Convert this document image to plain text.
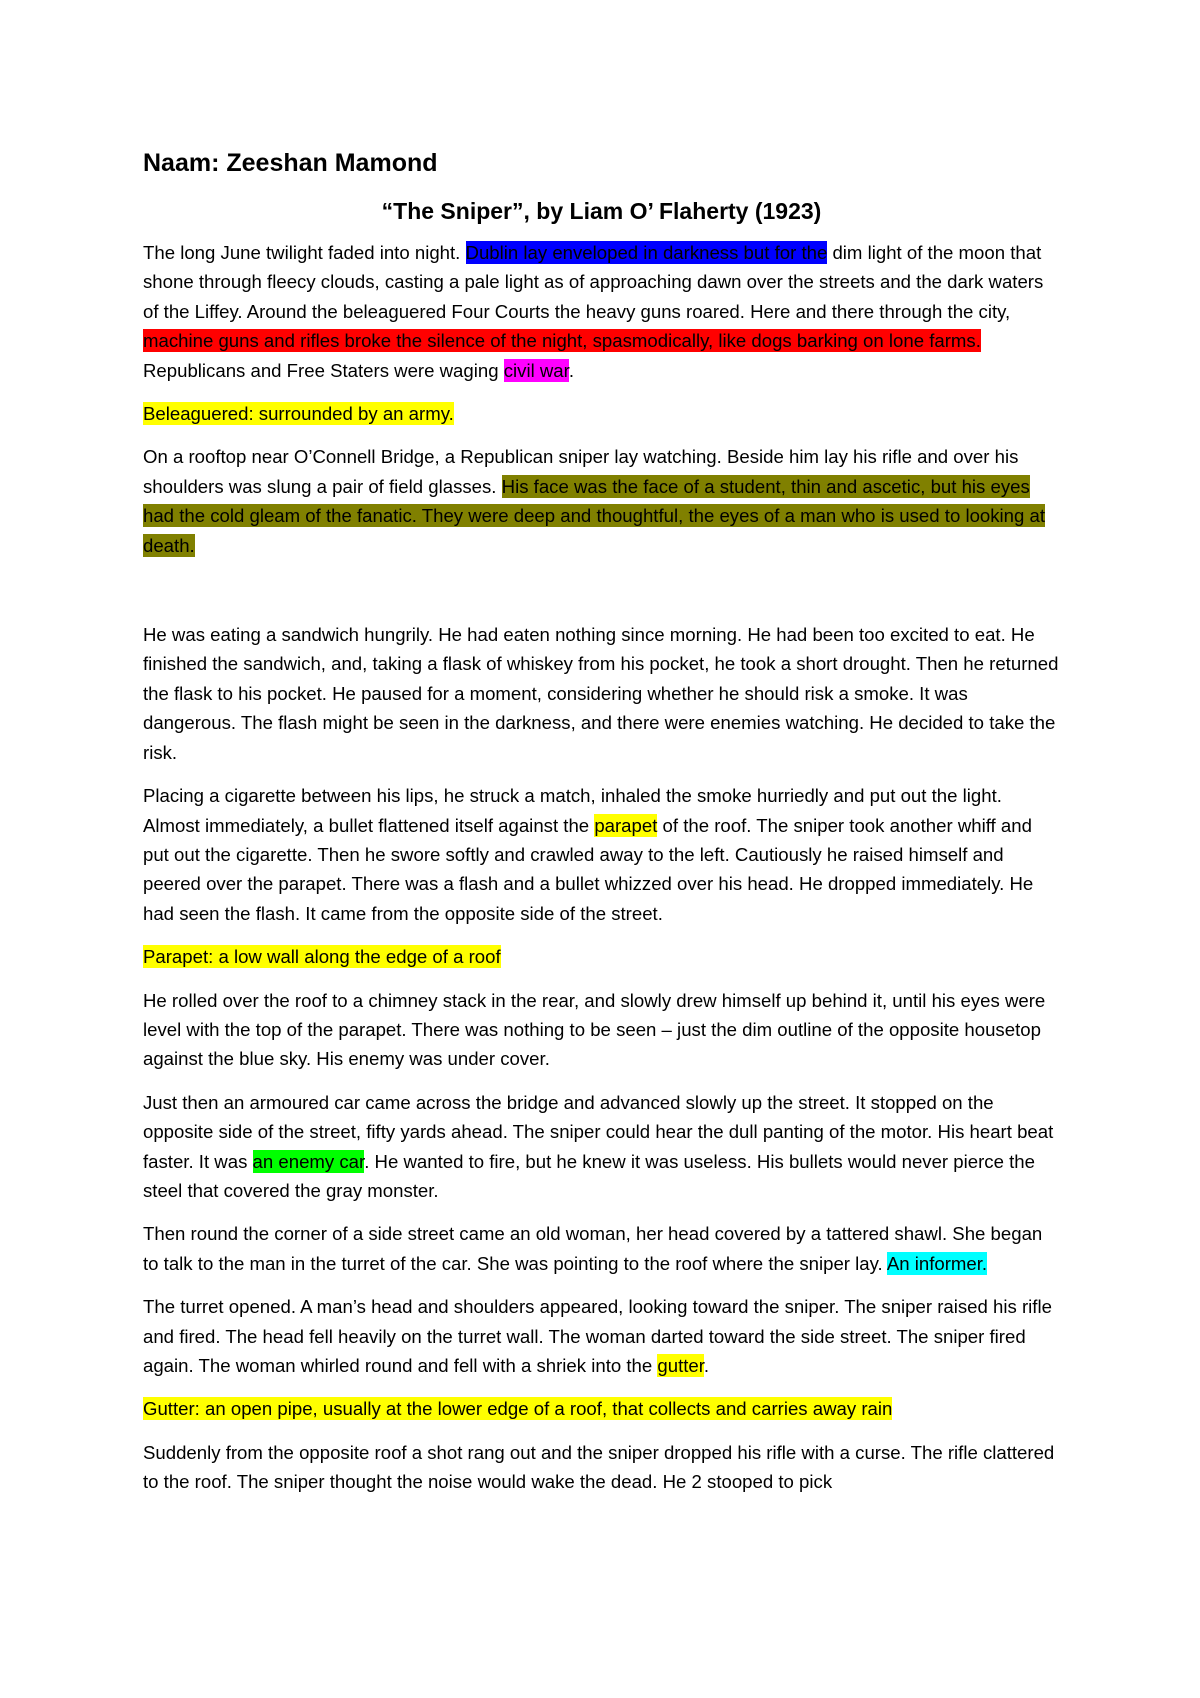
Naam: Zeeshan Mamond
“The Sniper”, by Liam O’ Flaherty (1923)

The long June twilight faded into night. Dublin lay enveloped in darkness but for the dim light of the moon that shone through fleecy clouds, casting a pale light as of approaching dawn over the streets and the dark waters of the Liffey. Around the beleaguered Four Courts the heavy guns roared. Here and there through the city, machine guns and rifles broke the silence of the night, spasmodically, like dogs barking on lone farms. Republicans and Free Staters were waging civil war.

Beleaguered: surrounded by an army.

On a rooftop near O’Connell Bridge, a Republican sniper lay watching. Beside him lay his rifle and over his shoulders was slung a pair of field glasses. His face was the face of a student, thin and ascetic, but his eyes had the cold gleam of the fanatic. They were deep and thoughtful, the eyes of a man who is used to looking at death.

He was eating a sandwich hungrily. He had eaten nothing since morning. He had been too excited to eat. He finished the sandwich, and, taking a flask of whiskey from his pocket, he took a short drought. Then he returned the flask to his pocket. He paused for a moment, considering whether he should risk a smoke. It was dangerous. The flash might be seen in the darkness, and there were enemies watching. He decided to take the risk.

Placing a cigarette between his lips, he struck a match, inhaled the smoke hurriedly and put out the light. Almost immediately, a bullet flattened itself against the parapet of the roof. The sniper took another whiff and put out the cigarette. Then he swore softly and crawled away to the left. Cautiously he raised himself and peered over the parapet. There was a flash and a bullet whizzed over his head. He dropped immediately. He had seen the flash. It came from the opposite side of the street.

Parapet: a low wall along the edge of a roof

He rolled over the roof to a chimney stack in the rear, and slowly drew himself up behind it, until his eyes were level with the top of the parapet. There was nothing to be seen – just the dim outline of the opposite housetop against the blue sky. His enemy was under cover.

Just then an armoured car came across the bridge and advanced slowly up the street. It stopped on the opposite side of the street, fifty yards ahead. The sniper could hear the dull panting of the motor. His heart beat faster. It was an enemy car. He wanted to fire, but he knew it was useless. His bullets would never pierce the steel that covered the gray monster.

Then round the corner of a side street came an old woman, her head covered by a tattered shawl. She began to talk to the man in the turret of the car. She was pointing to the roof where the sniper lay. An informer.

The turret opened. A man’s head and shoulders appeared, looking toward the sniper. The sniper raised his rifle and fired. The head fell heavily on the turret wall. The woman darted toward the side street. The sniper fired again. The woman whirled round and fell with a shriek into the gutter.

Gutter: an open pipe, usually at the lower edge of a roof, that collects and carries away rain

Suddenly from the opposite roof a shot rang out and the sniper dropped his rifle with a curse. The rifle clattered to the roof. The sniper thought the noise would wake the dead. He 2 stooped to pick
